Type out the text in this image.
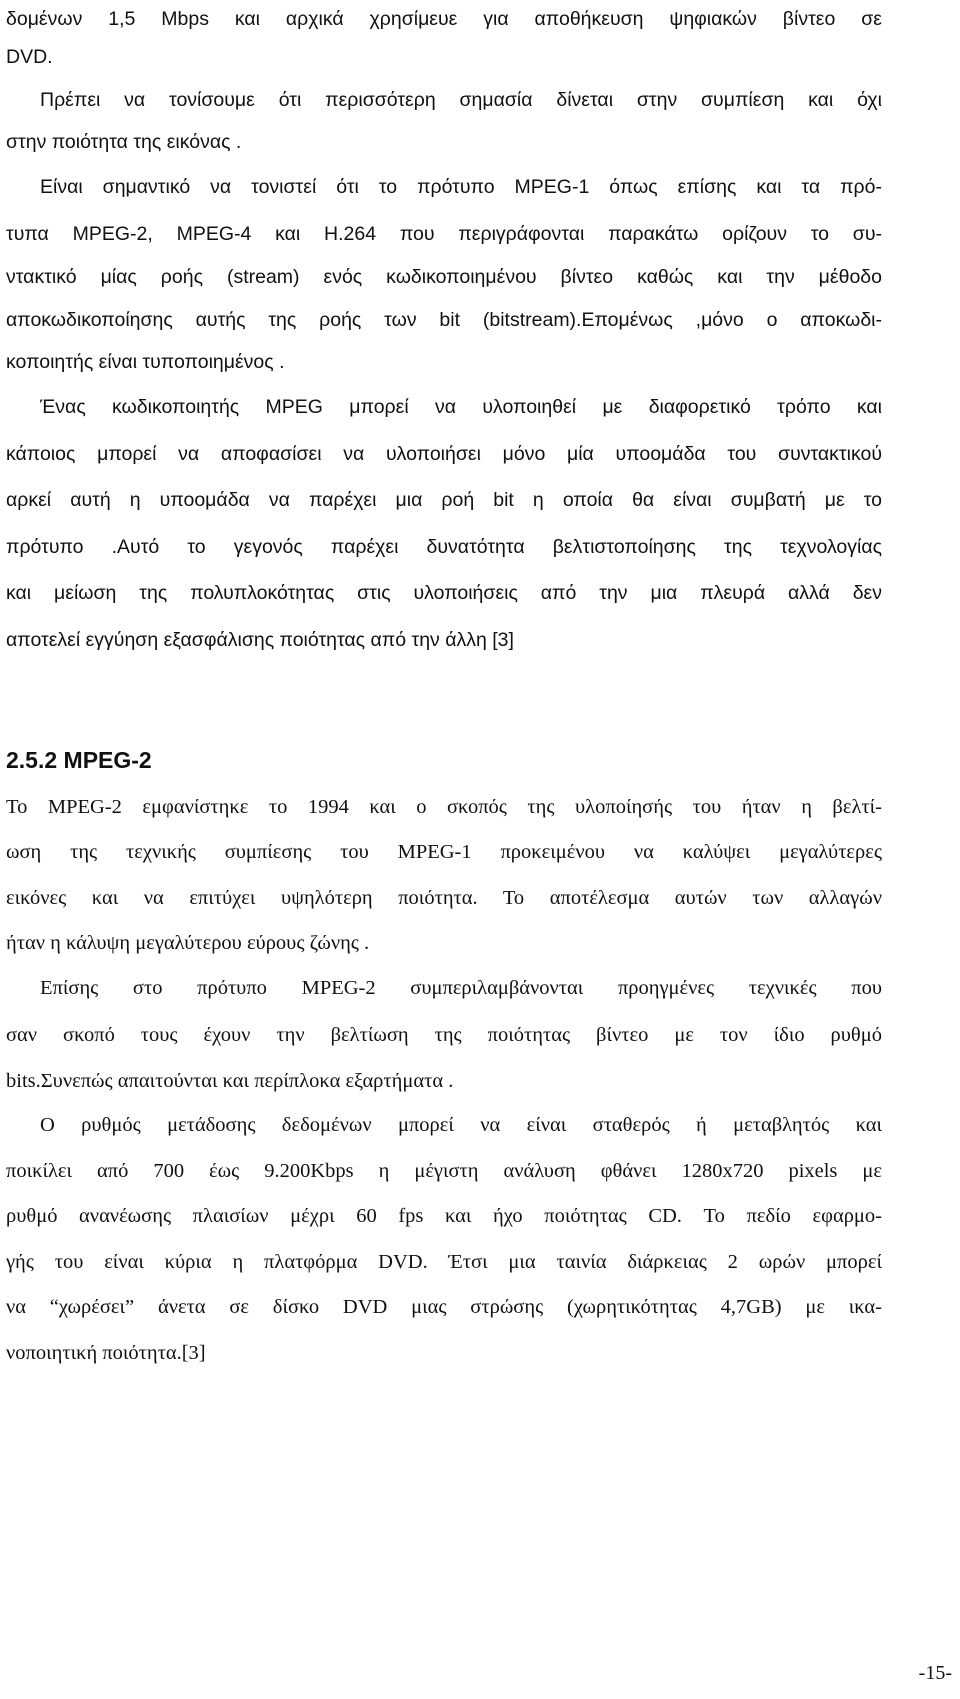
δομένων 1,5 Mbps και αρχικά χρησίμευε για αποθήκευση ψηφιακών βίντεο σε
DVD.
Πρέπει να τονίσουμε ότι περισσότερη σημασία δίνεται στην συμπίεση και όχι
στην ποιότητα της εικόνας .
Είναι σημαντικό να τονιστεί ότι το πρότυπο MPEG-1 όπως επίσης και τα πρό-
τυπα MPEG-2, MPEG-4 και H.264 που περιγράφονται παρακάτω ορίζουν το συ-
ντακτικό μίας ροής (stream) ενός κωδικοποιημένου βίντεο καθώς και την μέθοδο
αποκωδικοποίησης αυτής της ροής των bit (bitstream).Επομένως ,μόνο ο αποκωδι-
κοποιητής είναι τυποποιημένος .
Ένας κωδικοποιητής MPEG μπορεί να υλοποιηθεί με διαφορετικό τρόπο και
κάποιος μπορεί να αποφασίσει να υλοποιήσει μόνο μία υποομάδα του συντακτικού
αρκεί αυτή η υποομάδα να παρέχει μια ροή bit η οποία θα είναι συμβατή με το
πρότυπο .Αυτό το γεγονός παρέχει δυνατότητα βελτιστοποίησης της τεχνολογίας
και μείωση της πολυπλοκότητας στις υλοποιήσεις από την μια πλευρά αλλά δεν
αποτελεί εγγύηση εξασφάλισης ποιότητας από την άλλη [3]
2.5.2 MPEG-2
Το MPEG-2 εμφανίστηκε το 1994 και ο σκοπός της υλοποίησής του ήταν η βελτί-
ωση της τεχνικής συμπίεσης του MPEG-1 προκειμένου να καλύψει μεγαλύτερες
εικόνες και να επιτύχει υψηλότερη ποιότητα. Το αποτέλεσμα αυτών των αλλαγών
ήταν η κάλυψη μεγαλύτερου εύρους ζώνης .
Επίσης στο πρότυπο MPEG-2 συμπεριλαμβάνονται προηγμένες τεχνικές που
σαν σκοπό τους έχουν την βελτίωση της ποιότητας βίντεο με τον ίδιο ρυθμό
bits.Συνεπώς απαιτούνται και περίπλοκα εξαρτήματα .
Ο ρυθμός μετάδοσης δεδομένων μπορεί να είναι σταθερός ή μεταβλητός και
ποικίλει από 700 έως 9.200Kbps η μέγιστη ανάλυση φθάνει 1280x720 pixels με
ρυθμό ανανέωσης πλαισίων μέχρι 60 fps και ήχο ποιότητας CD. Το πεδίο εφαρμο-
γής του είναι κύρια η πλατφόρμα DVD. Έτσι μια ταινία διάρκειας 2 ωρών μπορεί
να “χωρέσει” άνετα σε δίσκο DVD μιας στρώσης (χωρητικότητας 4,7GB) με ικα-
νοποιητική ποιότητα.[3]
-15-
